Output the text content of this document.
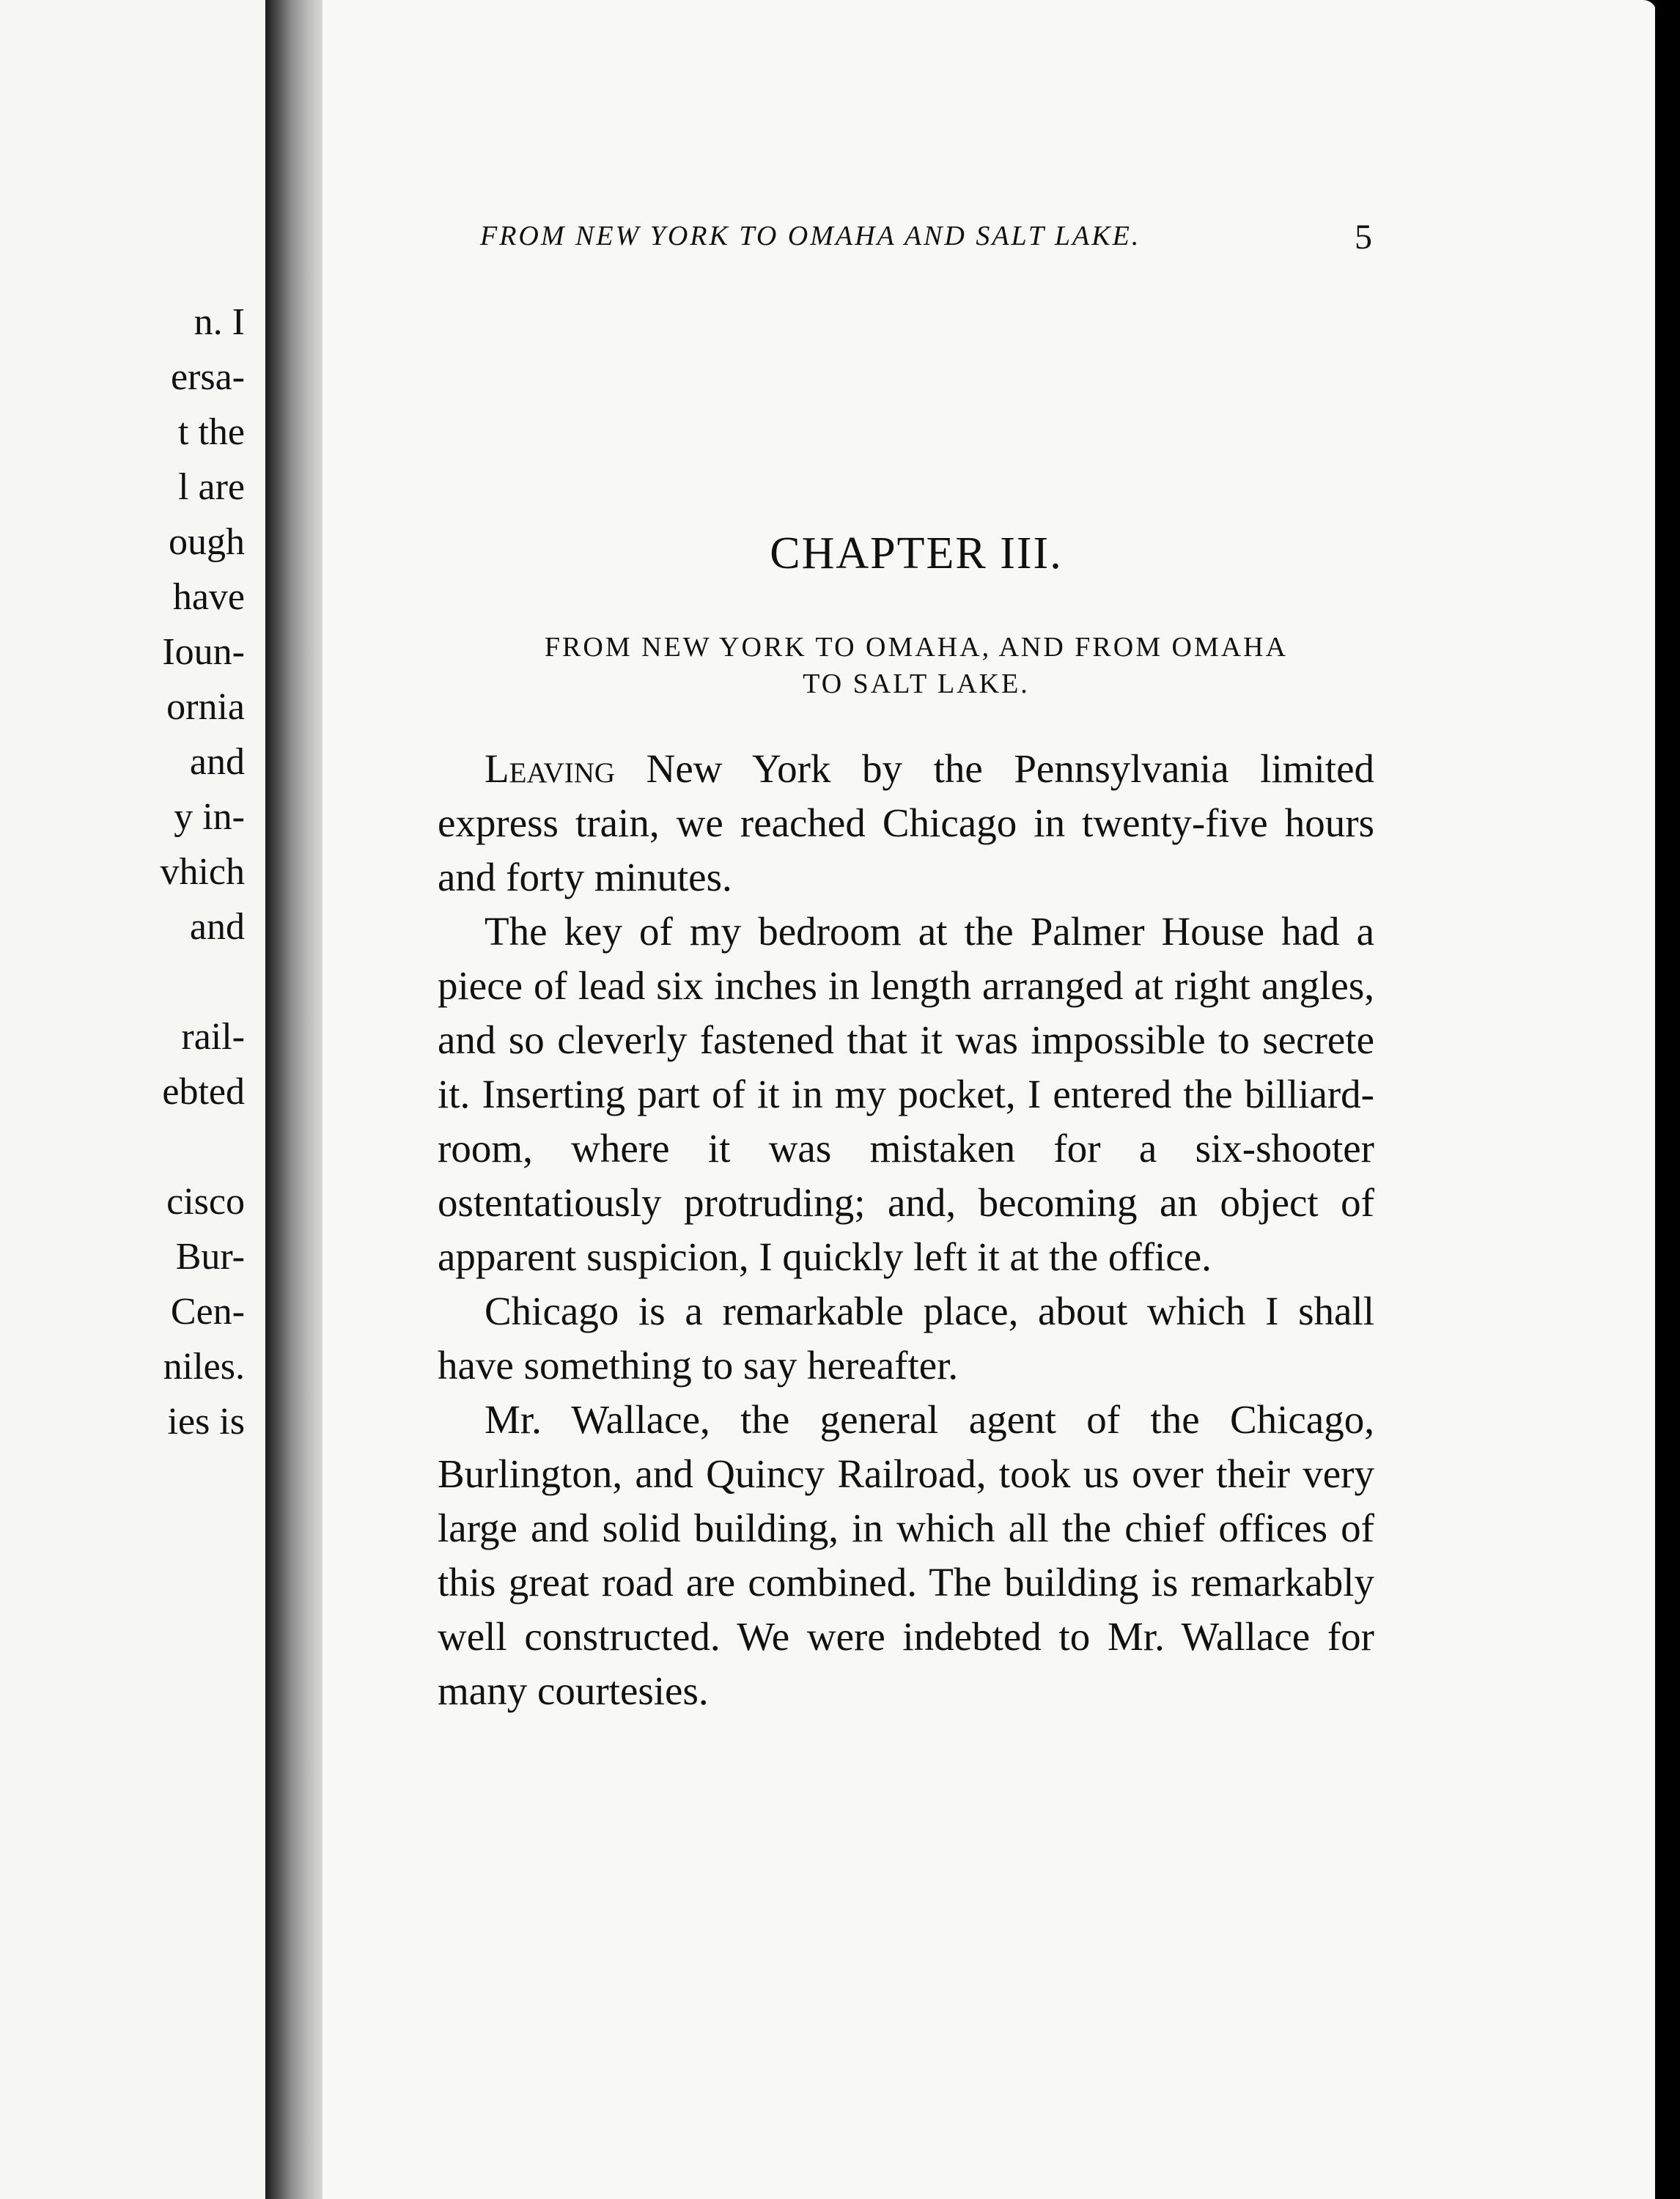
n. I
ersa-
t the
l are
ough
have
Ioun-
ornia
and
y in-
vhich
and
rail-
ebted
cisco
Bur-
Cen-
niles.
ies is
FROM NEW YORK TO OMAHA AND SALT LAKE.	5
CHAPTER III.
FROM NEW YORK TO OMAHA, AND FROM OMAHA
TO SALT LAKE.

Leaving New York by the Pennsylvania limited express train, we reached Chicago in twenty-five hours and forty minutes.

The key of my bedroom at the Palmer House had a piece of lead six inches in length arranged at right angles, and so cleverly fastened that it was impossible to secrete it. Inserting part of it in my pocket, I entered the billiard-room, where it was mistaken for a six-shooter ostentatiously protruding; and, becoming an object of apparent suspicion, I quickly left it at the office.

Chicago is a remarkable place, about which I shall have something to say hereafter.

Mr. Wallace, the general agent of the Chicago, Burlington, and Quincy Railroad, took us over their very large and solid building, in which all the chief offices of this great road are combined. The building is remarkably well constructed. We were indebted to Mr. Wallace for many courtesies.
